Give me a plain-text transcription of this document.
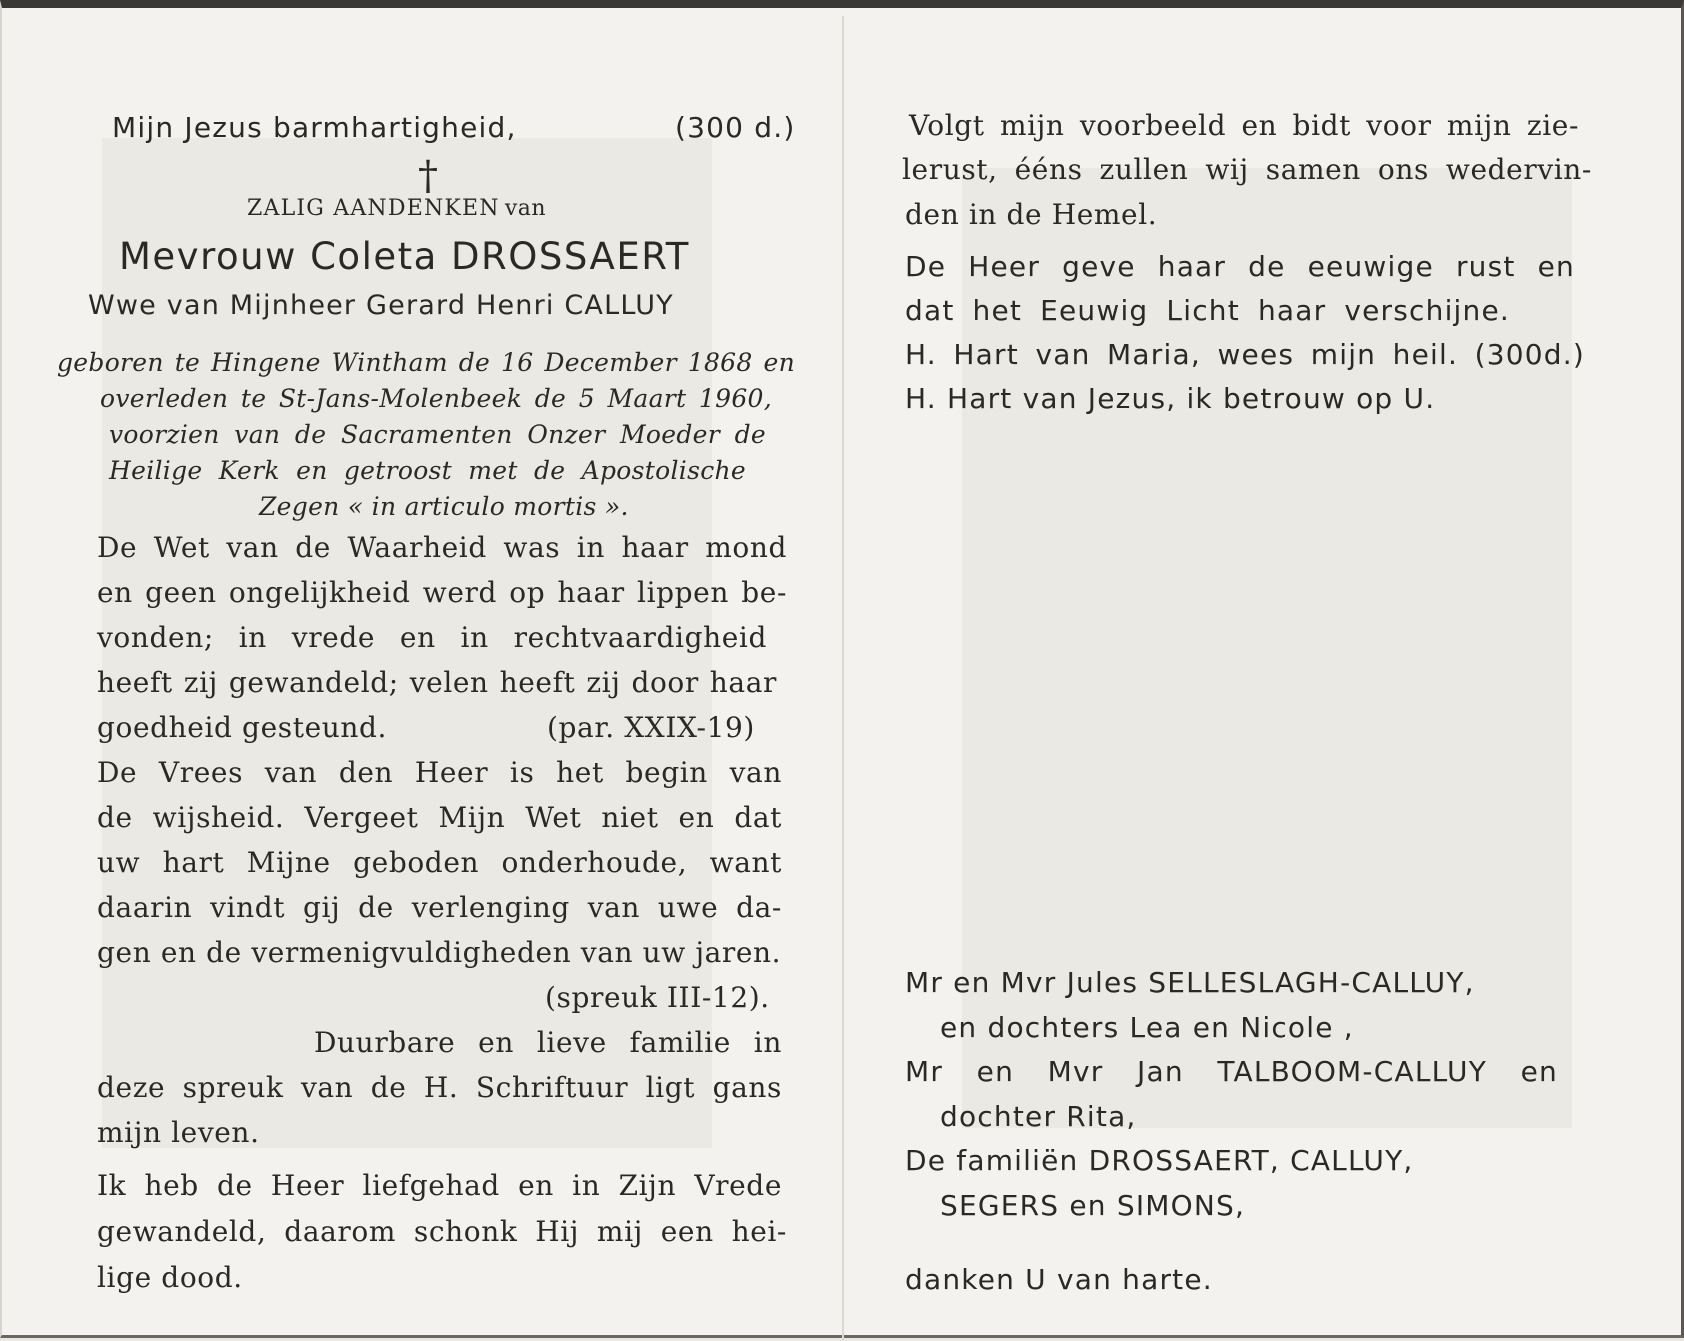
Mijn Jezus barmhartigheid,	(300 d.)
†
ZALIG AANDENKEN van
Mevrouw Coleta DROSSAERT
Wwe van Mijnheer Gerard Henri CALLUY
geboren te Hingene Wintham de 16 December 1868 en
overleden te St-Jans-Molenbeek de 5 Maart 1960,
voorzien van de Sacramenten Onzer Moeder de
Heilige Kerk en getroost met de Apostolische
Zegen « in articulo mortis ».
De Wet van de Waarheid was in haar mond
en geen ongelijkheid werd op haar lippen be-
vonden; in vrede en in rechtvaardigheid
heeft zij gewandeld; velen heeft zij door haar
goedheid gesteund.	(par. XXIX-19)
De Vrees van den Heer is het begin van
de wijsheid. Vergeet Mijn Wet niet en dat
uw hart Mijne geboden onderhoude, want
daarin vindt gij de verlenging van uwe da-
gen en de vermenigvuldigheden van uw jaren.
(spreuk III-12).
Duurbare en lieve familie in
deze spreuk van de H. Schriftuur ligt gans
mijn leven.
Ik heb de Heer liefgehad en in Zijn Vrede
gewandeld, daarom schonk Hij mij een hei-
lige dood.
Volgt mijn voorbeeld en bidt voor mijn zie-
lerust, ééns zullen wij samen ons wedervin-
den in de Hemel.
De Heer geve haar de eeuwige rust en
dat het Eeuwig Licht haar verschijne.
H. Hart van Maria, wees mijn heil. (300d.)
H. Hart van Jezus, ik betrouw op U.
Mr en Mvr Jules SELLESLAGH-CALLUY,
en dochters Lea en Nicole ,
Mr en Mvr Jan TALBOOM-CALLUY en
dochter Rita,
De familiën DROSSAERT, CALLUY,
SEGERS en SIMONS,
danken U van harte.
